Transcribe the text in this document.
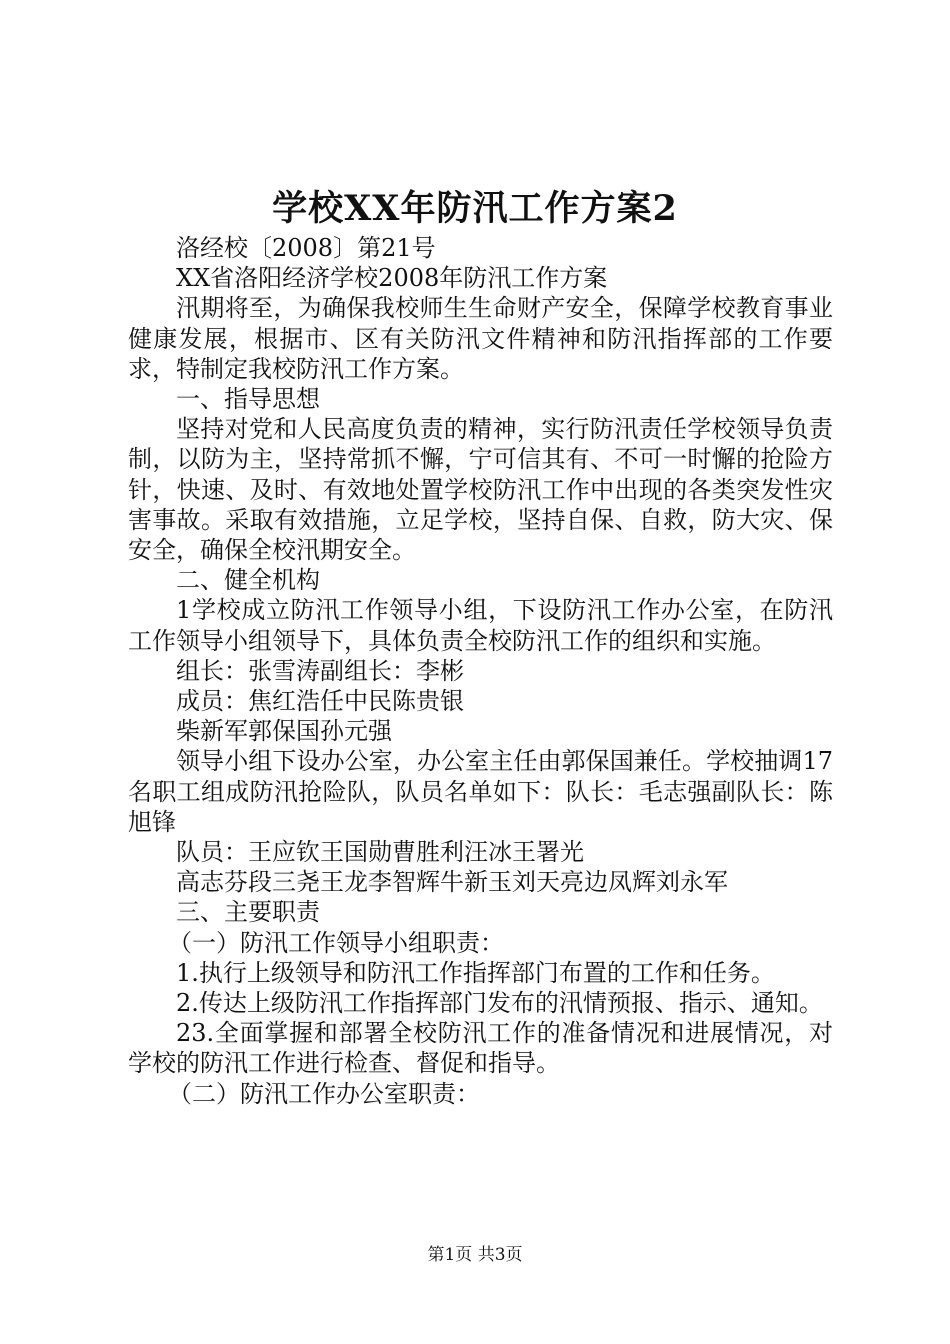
学校XX年防汛工作方案2

洛经校〔2008〕第21号

XX省洛阳经济学校2008年防汛工作方案

汛期将至，为确保我校师生生命财产安全，保障学校教育事业健康发展，根据市、区有关防汛文件精神和防汛指挥部的工作要求，特制定我校防汛工作方案。

一、指导思想

坚持对党和人民高度负责的精神，实行防汛责任学校领导负责制，以防为主，坚持常抓不懈，宁可信其有、不可一时懈的抢险方针，快速、及时、有效地处置学校防汛工作中出现的各类突发性灾害事故。采取有效措施，立足学校，坚持自保、自救，防大灾、保安全，确保全校汛期安全。

二、健全机构

1学校成立防汛工作领导小组，下设防汛工作办公室，在防汛工作领导小组领导下，具体负责全校防汛工作的组织和实施。

组长：张雪涛副组长：李彬

成员：焦红浩任中民陈贵银

柴新军郭保国孙元强

领导小组下设办公室，办公室主任由郭保国兼任。学校抽调17名职工组成防汛抢险队，队员名单如下：队长：毛志强副队长：陈旭锋

队员：王应钦王国勋曹胜利汪冰王署光

高志芬段三尧王龙李智辉牛新玉刘天亮边凤辉刘永军

三、主要职责

（一）防汛工作领导小组职责：

1.执行上级领导和防汛工作指挥部门布置的工作和任务。

2.传达上级防汛工作指挥部门发布的汛情预报、指示、通知。

23.全面掌握和部署全校防汛工作的准备情况和进展情况，对学校的防汛工作进行检查、督促和指导。

（二）防汛工作办公室职责：

第1页 共3页
